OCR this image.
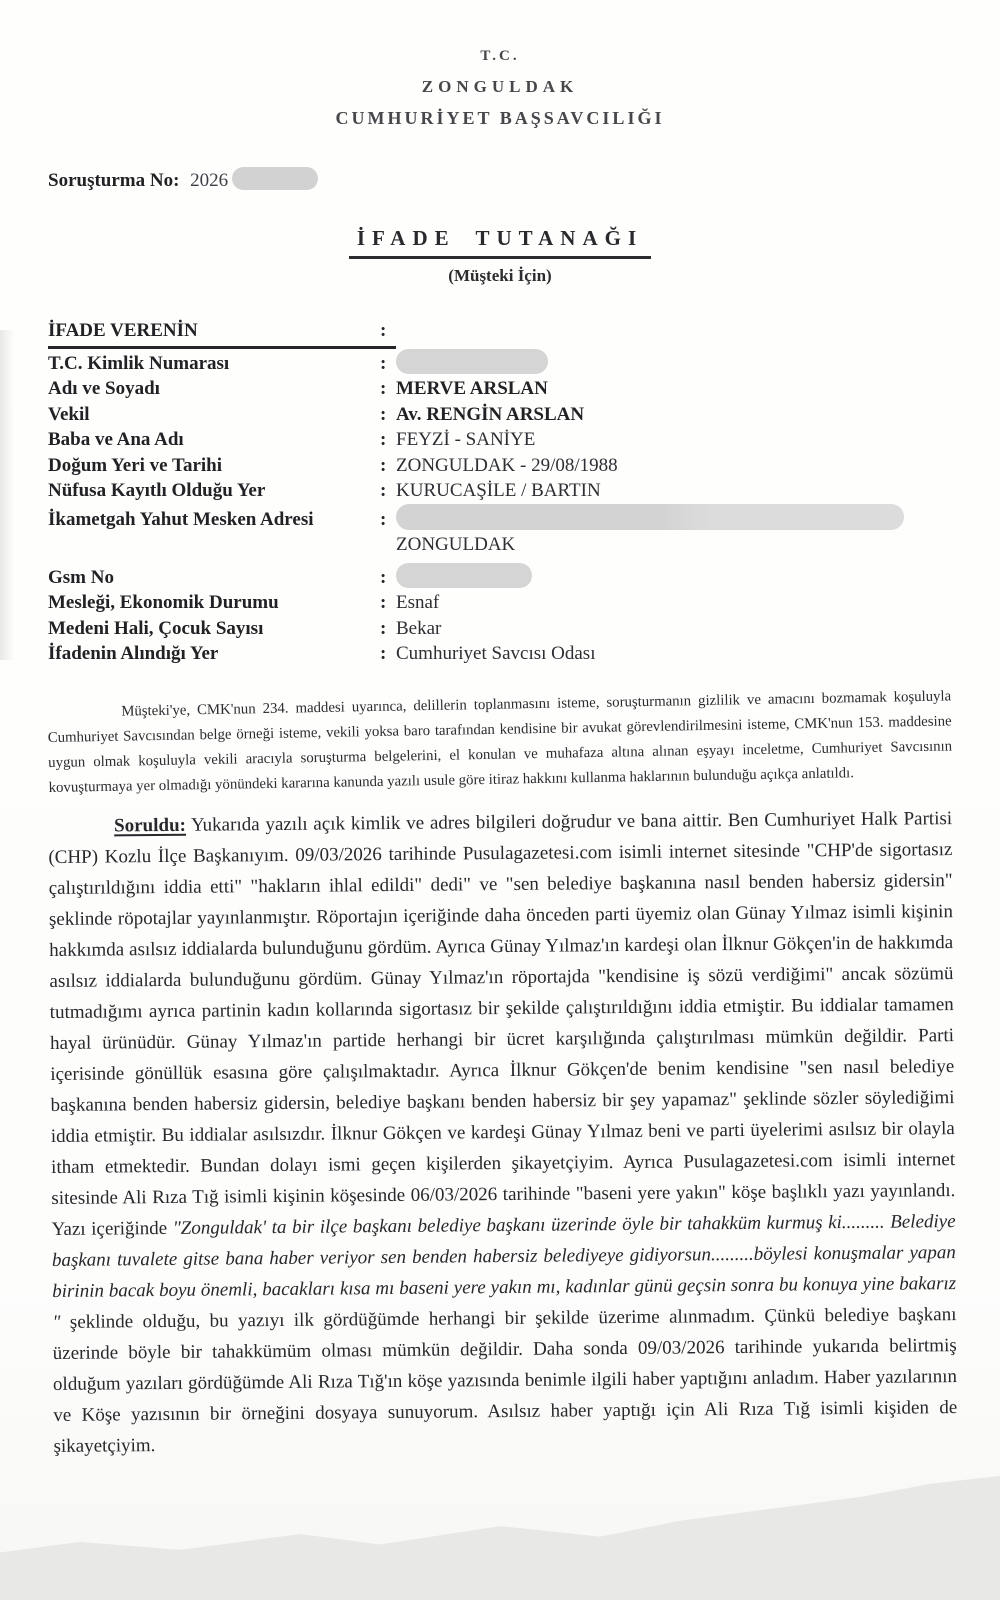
T.C.
ZONGULDAK
CUMHURİYET BAŞSAVCILIĞI
Soruşturma No: 2026
İFADE TUTANAĞI
(Müşteki İçin)
İFADE VERENİN	:
T.C. Kimlik Numarası	:
Adı ve Soyadı	: MERVE ARSLAN
Vekil	: Av. RENGİN ARSLAN
Baba ve Ana Adı	: FEYZİ - SANİYE
Doğum Yeri ve Tarihi	: ZONGULDAK - 29/08/1988
Nüfusa Kayıtlı Olduğu Yer	: KURUCAŞİLE / BARTIN
İkametgah Yahut Mesken Adresi	:
ZONGULDAK
Gsm No	:
Mesleği, Ekonomik Durumu	: Esnaf
Medeni Hali, Çocuk Sayısı	: Bekar
İfadenin Alındığı Yer	: Cumhuriyet Savcısı Odası

Müşteki'ye, CMK'nun 234. maddesi uyarınca, delillerin toplanmasını isteme, soruşturmanın gizlilik ve amacını bozmamak koşuluyla Cumhuriyet Savcısından belge örneği isteme, vekili yoksa baro tarafından kendisine bir avukat görevlendirilmesini isteme, CMK'nun 153. maddesine uygun olmak koşuluyla vekili aracıyla soruşturma belgelerini, el konulan ve muhafaza altına alınan eşyayı inceletme, Cumhuriyet Savcısının kovuşturmaya yer olmadığı yönündeki kararına kanunda yazılı usule göre itiraz hakkını kullanma haklarının bulunduğu açıkça anlatıldı.

Soruldu: Yukarıda yazılı açık kimlik ve adres bilgileri doğrudur ve bana aittir. Ben Cumhuriyet Halk Partisi (CHP) Kozlu İlçe Başkanıyım. 09/03/2026 tarihinde Pusulagazetesi.com isimli internet sitesinde "CHP'de sigortasız çalıştırıldığını iddia etti" "hakların ihlal edildi" dedi" ve "sen belediye başkanına nasıl benden habersiz gidersin" şeklinde röpotajlar yayınlanmıştır. Röportajın içeriğinde daha önceden parti üyemiz olan Günay Yılmaz isimli kişinin hakkımda asılsız iddialarda bulunduğunu gördüm. Ayrıca Günay Yılmaz'ın kardeşi olan İlknur Gökçen'in de hakkımda asılsız iddialarda bulunduğunu gördüm. Günay Yılmaz'ın röportajda "kendisine iş sözü verdiğimi" ancak sözümü tutmadığımı ayrıca partinin kadın kollarında sigortasız bir şekilde çalıştırıldığını iddia etmiştir. Bu iddialar tamamen hayal ürünüdür. Günay Yılmaz'ın partide herhangi bir ücret karşılığında çalıştırılması mümkün değildir. Parti içerisinde gönüllük esasına göre çalışılmaktadır. Ayrıca İlknur Gökçen'de benim kendisine "sen nasıl belediye başkanına benden habersiz gidersin, belediye başkanı benden habersiz bir şey yapamaz" şeklinde sözler söylediğimi iddia etmiştir. Bu iddialar asılsızdır. İlknur Gökçen ve kardeşi Günay Yılmaz beni ve parti üyelerimi asılsız bir olayla itham etmektedir. Bundan dolayı ismi geçen kişilerden şikayetçiyim. Ayrıca Pusulagazetesi.com isimli internet sitesinde Ali Rıza Tığ isimli kişinin köşesinde 06/03/2026 tarihinde "baseni yere yakın" köşe başlıklı yazı yayınlandı. Yazı içeriğinde "Zonguldak' ta bir ilçe başkanı belediye başkanı üzerinde öyle bir tahakküm kurmuş ki......... Belediye başkanı tuvalete gitse bana haber veriyor sen benden habersiz belediyeye gidiyorsun.........böylesi konuşmalar yapan birinin bacak boyu önemli, bacakları kısa mı baseni yere yakın mı, kadınlar günü geçsin sonra bu konuya yine bakarız " şeklinde olduğu, bu yazıyı ilk gördüğümde herhangi bir şekilde üzerime alınmadım. Çünkü belediye başkanı üzerinde böyle bir tahakkümüm olması mümkün değildir. Daha sonda 09/03/2026 tarihinde yukarıda belirtmiş olduğum yazıları gördüğümde Ali Rıza Tığ'ın köşe yazısında benimle ilgili haber yaptığını anladım. Haber yazılarının ve Köşe yazısının bir örneğini dosyaya sunuyorum. Asılsız haber yaptığı için Ali Rıza Tığ isimli kişiden de şikayetçiyim.
